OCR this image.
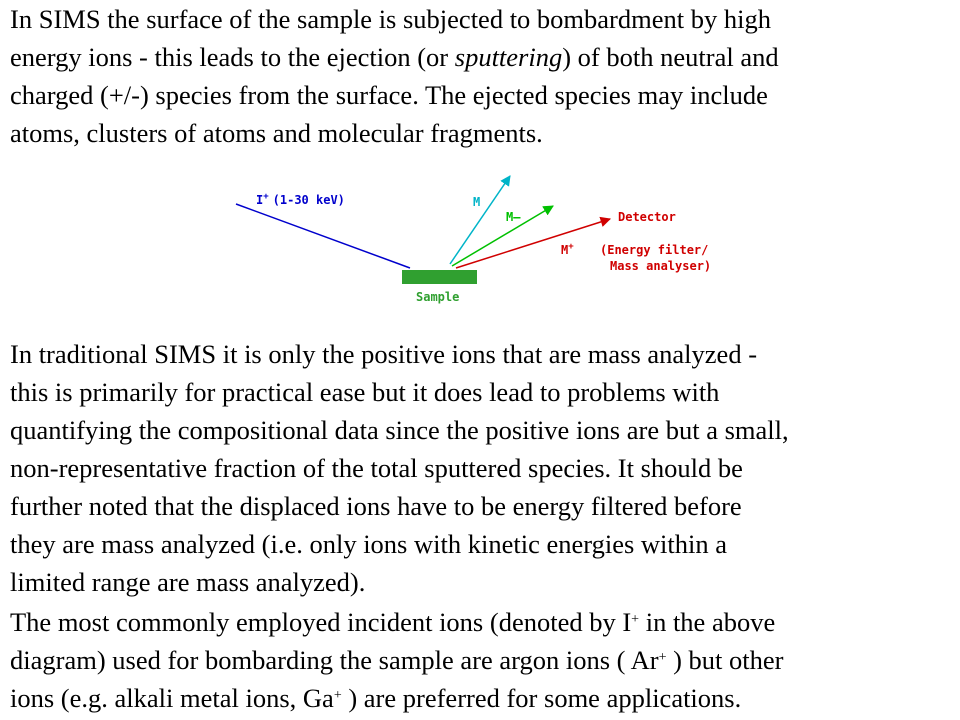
In SIMS the surface of the sample is subjected to bombardment by high
energy ions - this leads to the ejection (or sputtering) of both neutral and
charged (+/-) species from the surface. The ejected species may include
atoms, clusters of atoms and molecular fragments.
I+ (1-30 keV)	M
M–
M+
Detector
(Energy filter/
Mass analyser)
Sample
In traditional SIMS it is only the positive ions that are mass analyzed -
this is primarily for practical ease but it does lead to problems with
quantifying the compositional data since the positive ions are but a small,
non-representative fraction of the total sputtered species. It should be
further noted that the displaced ions have to be energy filtered before
they are mass analyzed (i.e. only ions with kinetic energies within a
limited range are mass analyzed).
The most commonly employed incident ions (denoted by I+ in the above
diagram) used for bombarding the sample are argon ions ( Ar+ ) but other
ions (e.g. alkali metal ions, Ga+ ) are preferred for some applications.
